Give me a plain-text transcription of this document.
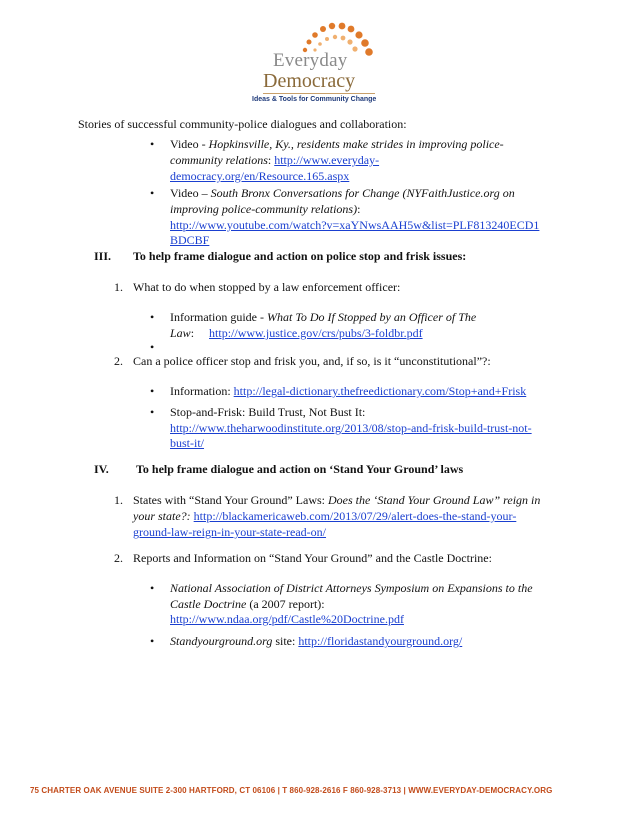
Everyday
Democracy
Ideas & Tools for Community Change
Stories of successful community-police dialogues and collaboration:
• Video - Hopkinsville, Ky., residents make strides in improving police-
community relations: http://www.everyday-
democracy.org/en/Resource.165.aspx
• Video – South Bronx Conversations for Change (NYFaithJustice.org on
improving police-community relations):
http://www.youtube.com/watch?v=xaYNwsAAH5w&list=PLF813240ECD1
BDCBF
III. To help frame dialogue and action on police stop and frisk issues:
1. What to do when stopped by a law enforcement officer:
• Information guide - What To Do If Stopped by an Officer of The
Law:     http://www.justice.gov/crs/pubs/3-foldbr.pdf
•
2. Can a police officer stop and frisk you, and, if so, is it “unconstitutional”?:
• Information: http://legal-dictionary.thefreedictionary.com/Stop+and+Frisk
• Stop-and-Frisk: Build Trust, Not Bust It:
http://www.theharwoodinstitute.org/2013/08/stop-and-frisk-build-trust-not-
bust-it/
IV. To help frame dialogue and action on ‘Stand Your Ground’ laws
1. States with “Stand Your Ground” Laws: Does the ‘Stand Your Ground Law” reign in
your state?: http://blackamericaweb.com/2013/07/29/alert-does-the-stand-your-
ground-law-reign-in-your-state-read-on/
2. Reports and Information on “Stand Your Ground” and the Castle Doctrine:
• National Association of District Attorneys Symposium on Expansions to the
Castle Doctrine (a 2007 report):
http://www.ndaa.org/pdf/Castle%20Doctrine.pdf
• Standyourground.org site: http://floridastandyourground.org/
75 CHARTER OAK AVENUE SUITE 2-300 HARTFORD, CT 06106 | T 860-928-2616 F 860-928-3713 | WWW.EVERYDAY-DEMOCRACY.ORG
